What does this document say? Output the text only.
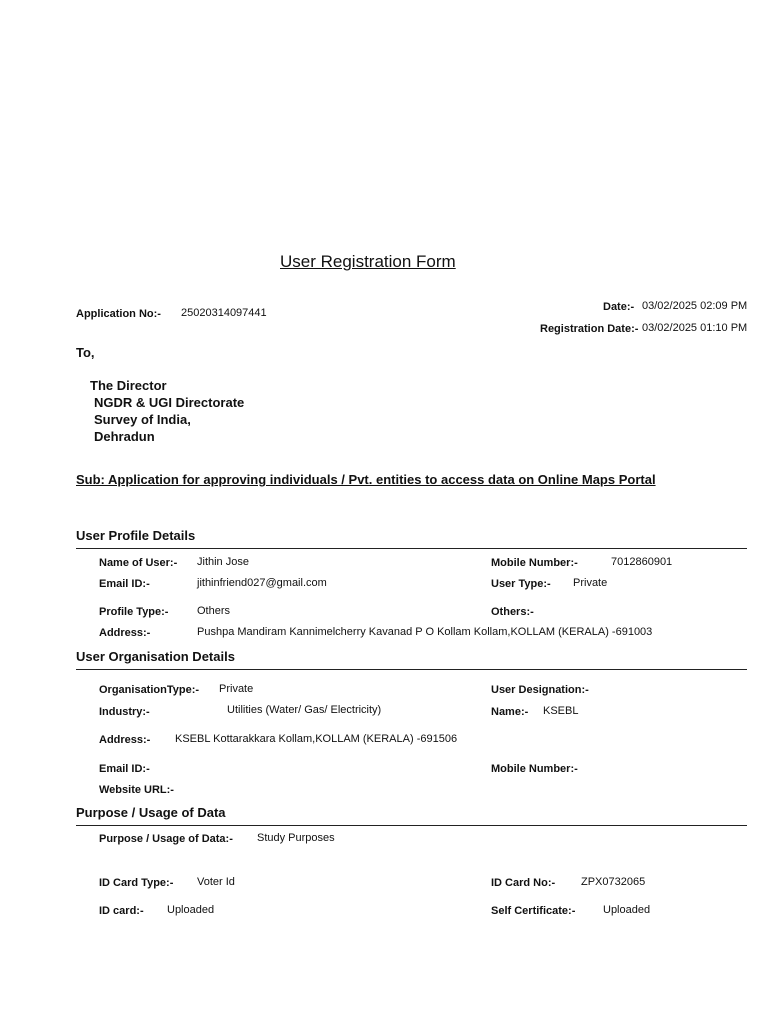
User Registration Form
Application No:- 25020314097441	Date:- 03/02/2025 02:09 PM
Registration Date:- 03/02/2025 01:10 PM
To,
The Director
NGDR & UGI Directorate
Survey of India,
Dehradun
Sub: Application for approving individuals / Pvt. entities to access data on Online Maps Portal
User Profile Details
Name of User:- Jithin Jose	Mobile Number:-	7012860901
Email ID:-	jithinfriend027@gmail.com	User Type:- Private
Profile Type:-	Others	Others:-
Address:-	Pushpa Mandiram Kannimelcherry Kavanad P O Kollam Kollam,KOLLAM (KERALA) -691003
User Organisation Details
OrganisationType:- Private	User Designation:-
Industry:-	Utilities (Water/ Gas/ Electricity)	Name:- KSEBL
Address:- KSEBL Kottarakkara Kollam,KOLLAM (KERALA) -691506
Email ID:-	Mobile Number:-
Website URL:-
Purpose / Usage of Data
Purpose / Usage of Data:- Study Purposes
ID Card Type:- Voter Id	ID Card No:- ZPX0732065
ID card:- Uploaded	Self Certificate:-	Uploaded
